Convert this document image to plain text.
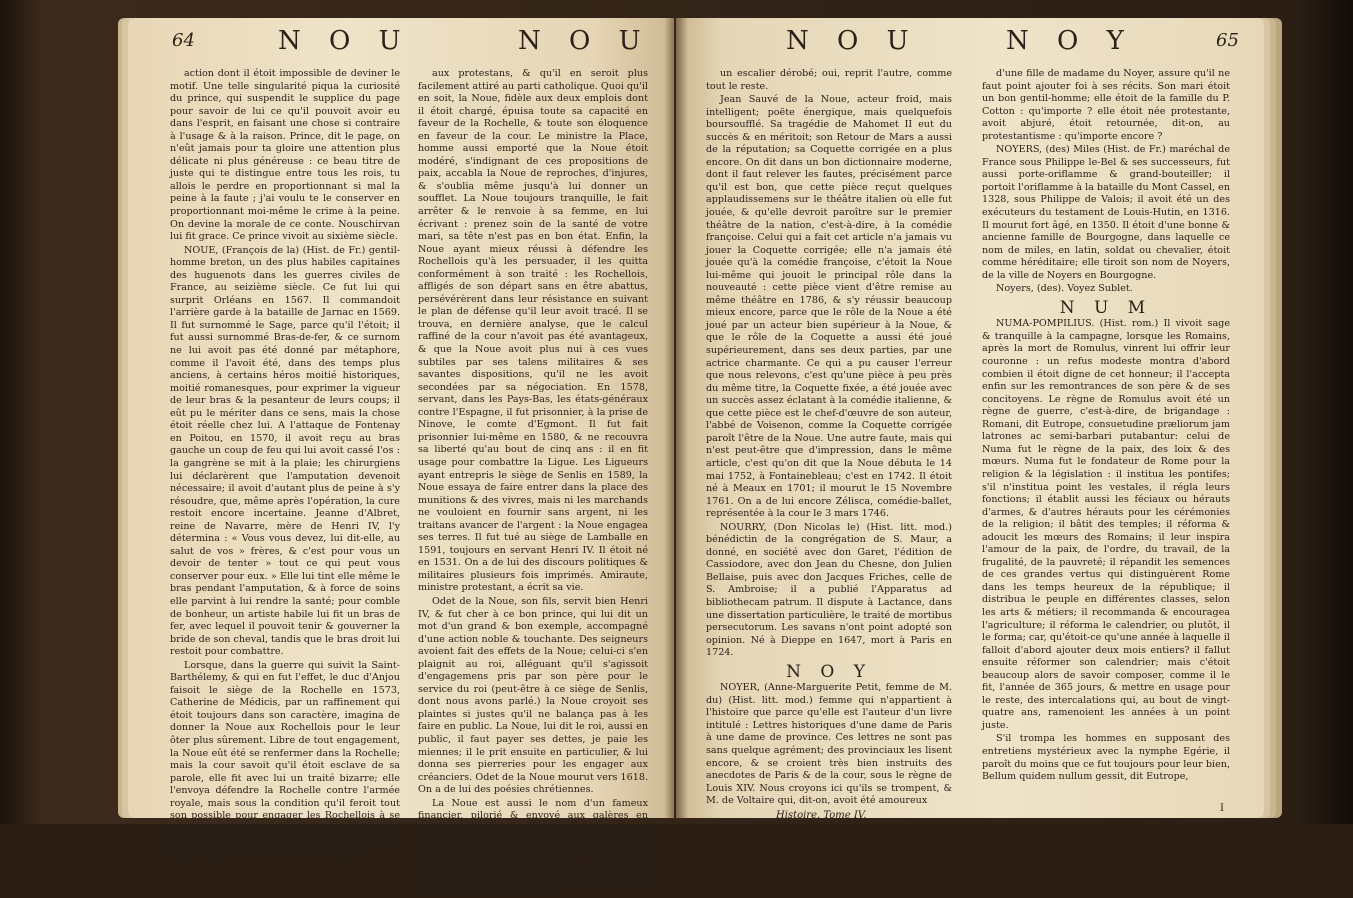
64	N O U	N O U

action dont il étoit impossible de deviner le motif. Une telle singularité piqua la curiosité du prince, qui suspendit le supplice du page pour savoir de lui ce qu'il pouvoit avoir eu dans l'esprit, en faisant une chose si contraire à l'usage & à la raison. Prince, dit le page, on n'eût jamais pour ta gloire une attention plus délicate ni plus généreuse : ce beau titre de juste qui te distingue entre tous les rois, tu allois le perdre en proportionnant si mal la peine à la faute ; j'ai voulu te le conserver en proportionnant moi-même le crime à la peine. On devine la morale de ce conte. Nouschirvan lui fit grace. Ce prince vivoit au sixième siècle.

NOUE, (François de la) (Hist. de Fr.) gentil-homme breton, un des plus habiles capitaines des huguenots dans les guerres civiles de France, au seizième siècle. Ce fut lui qui surprit Orléans en 1567. Il commandoit l'arrière garde à la bataille de Jarnac en 1569. Il fut surnommé le Sage, parce qu'il l'étoit; il fut aussi surnommé Bras-de-fer, & ce surnom ne lui avoit pas été donné par métaphore, comme il l'avoit été, dans des temps plus anciens, à certains héros moitié historiques, moitié romanesques, pour exprimer la vigueur de leur bras & la pesanteur de leurs coups; il eût pu le mériter dans ce sens, mais la chose étoit réelle chez lui. A l'attaque de Fontenay en Poitou, en 1570, il avoit reçu au bras gauche un coup de feu qui lui avoit cassé l'os : la gangrène se mit à la plaie; les chirurgiens lui déclarèrent que l'amputation devenoit nécessaire; il avoit d'autant plus de peine à s'y résoudre, que, même après l'opération, la cure restoit encore incertaine. Jeanne d'Albret, reine de Navarre, mère de Henri IV, l'y détermina : « Vous vous devez, lui dit-elle, au salut de vos » frères, & c'est pour vous un devoir de tenter » tout ce qui peut vous conserver pour eux. » Elle lui tint elle même le bras pendant l'amputation, & à force de soins elle parvint à lui rendre la santé; pour comble de bonheur, un artiste habile lui fit un bras de fer, avec lequel il pouvoit tenir & gouverner la bride de son cheval, tandis que le bras droit lui restoit pour combattre.

Lorsque, dans la guerre qui suivit la Saint-Barthélemy, & qui en fut l'effet, le duc d'Anjou faisoit le siège de la Rochelle en 1573, Catherine de Médicis, par un raffinement qui étoit toujours dans son caractère, imagina de donner la Noue aux Rochellois pour le leur ôter plus sûrement. Libre de tout engagement, la Noue eût été se renfermer dans la Rochelle; mais la cour savoit qu'il étoit esclave de sa parole, elle fit avec lui un traité bizarre; elle l'envoya défendre la Rochelle contre l'armée royale, mais sous la condition qu'il feroit tout son possible pour engager les Rochellois à se rendre, & qu'il les abandonneroit s'il ne pouvoit y réussir. La cour avoit sans doute espéré que la Noue deviendroit suspect

aux protestans, & qu'il en seroit plus facilement attiré au parti catholique. Quoi qu'il en soit, la Noue, fidèle aux deux emplois dont il étoit chargé, épuisa toute sa capacité en faveur de la Rochelle, & toute son éloquence en faveur de la cour. Le ministre la Place, homme aussi emporté que la Noue étoit modéré, s'indignant de ces propositions de paix, accabla la Noue de reproches, d'injures, & s'oublia même jusqu'à lui donner un soufflet. La Noue toujours tranquille, le fait arrêter & le renvoie à sa femme, en lui écrivant : prenez soin de la santé de votre mari, sa tête n'est pas en bon état. Enfin, la Noue ayant mieux réussi à défendre les Rochellois qu'à les persuader, il les quitta conformément à son traité : les Rochellois, affligés de son départ sans en être abattus, persévérèrent dans leur résistance en suivant le plan de défense qu'il leur avoit tracé. Il se trouva, en dernière analyse, que le calcul raffiné de la cour n'avoit pas été avantageux, & que la Noue avoit plus nui à ces vues subtiles par ses talens militaires & ses savantes dispositions, qu'il ne les avoit secondées par sa négociation. En 1578, servant, dans les Pays-Bas, les états-généraux contre l'Espagne, il fut prisonnier, à la prise de Ninove, le comte d'Egmont. Il fut fait prisonnier lui-même en 1580, & ne recouvra sa liberté qu'au bout de cinq ans : il en fit usage pour combattre la Ligue. Les Ligueurs ayant entrepris le siège de Senlis en 1589, la Noue essaya de faire entrer dans la place des munitions & des vivres, mais ni les marchands ne vouloient en fournir sans argent, ni les traitans avancer de l'argent : la Noue engagea ses terres. Il fut tué au siège de Lamballe en 1591, toujours en servant Henri IV. Il étoit né en 1531. On a de lui des discours politiques & militaires plusieurs fois imprimés. Amiraute, ministre protestant, a écrit sa vie.

Odet de la Noue, son fils, servit bien Henri IV, & fut cher à ce bon prince, qui lui dit un mot d'un grand & bon exemple, accompagné d'une action noble & touchante. Des seigneurs avoient fait des effets de la Noue; celui-ci s'en plaignit au roi, alléguant qu'il s'agissoit d'engagemens pris par son père pour le service du roi (peut-être à ce siège de Senlis, dont nous avons parlé.) la Noue croyoit ses plaintes si justes qu'il ne balança pas à les faire en public. La Noue, lui dit le roi, aussi en public, il faut payer ses dettes, je paie les miennes; il le prit ensuite en particulier, & lui donna ses pierreries pour les engager aux créanciers. Odet de la Noue mourut vers 1618. On a de lui des poésies chrétiennes.

La Noue est aussi le nom d'un fameux financier, pilorié & envoyé aux galères en 1705. Son fils avoit blessé les yeux du public; un palais qu'il avoit bâti étoit devenu dans Paris un grand objet de curiosité. Quelqu'un qui vouloit tout voir, appercevant une porte qu'on n'ouvroit pas, demanda ce que c'étoit, on lui répondit que c'étoit un

N O U	N O Y	65

un escalier dérobé; oui, reprit l'autre, comme tout le reste.

Jean Sauvé de la Noue, acteur froid, mais intelligent; poëte énergique, mais quelquefois boursoufflé. Sa tragédie de Mahomet II eut du succès & en méritoit; son Retour de Mars a aussi de la réputation; sa Coquette corrigée en a plus encore. On dit dans un bon dictionnaire moderne, dont il faut relever les fautes, précisément parce qu'il est bon, que cette pièce reçut quelques applaudissemens sur le théâtre italien où elle fut jouée, & qu'elle devroit paroître sur le premier théâtre de la nation, c'est-à-dire, à la comédie françoise. Celui qui a fait cet article n'a jamais vu jouer la Coquette corrigée; elle n'a jamais été jouée qu'à la comédie françoise, c'étoit la Noue lui-même qui jouoit le principal rôle dans la nouveauté : cette pièce vient d'être remise au même théâtre en 1786, & s'y réussir beaucoup mieux encore, parce que le rôle de la Noue a été joué par un acteur bien supérieur à la Noue, & que le rôle de la Coquette a aussi été joué supérieurement, dans ses deux parties, par une actrice charmante. Ce qui a pu causer l'erreur que nous relevons, c'est qu'une pièce à peu près du même titre, la Coquette fixée, a été jouée avec un succès assez éclatant à la comédie italienne, & que cette pièce est le chef-d'œuvre de son auteur, l'abbé de Voisenon, comme la Coquette corrigée paroît l'être de la Noue. Une autre faute, mais qui n'est peut-être que d'impression, dans le même article, c'est qu'on dit que la Noue débuta le 14 mai 1752, à Fontainebleau; c'est en 1742. Il étoit né à Meaux en 1701; il mourut le 15 Novembre 1761. On a de lui encore Zélisca, comédie-ballet, représentée à la cour le 3 mars 1746.

NOURRY, (Don Nicolas le) (Hist. litt. mod.) bénédictin de la congrégation de S. Maur, a donné, en société avec don Garet, l'édition de Cassiodore, avec don Jean du Chesne, don Julien Bellaise, puis avec don Jacques Friches, celle de S. Ambroise; il a publié l'Apparatus ad bibliothecam patrum. Il dispute à Lactance, dans une dissertation particulière, le traité de mortibus persecutorum. Les savans n'ont point adopté son opinion. Né à Dieppe en 1647, mort à Paris en 1724.

N O Y

NOYER, (Anne-Marguerite Petit, femme de M. du) (Hist. litt. mod.) femme qui n'appartient à l'histoire que parce qu'elle est l'auteur d'un livre intitulé : Lettres historiques d'une dame de Paris à une dame de province. Ces lettres ne sont pas sans quelque agrément; des provinciaux les lisent encore, & se croient très bien instruits des anecdotes de Paris & de la cour, sous le règne de Louis XIV. Nous croyons ici qu'ils se trompent, & M. de Voltaire qui, dit-on, avoit été amoureux

Histoire. Tome IV.

d'une fille de madame du Noyer, assure qu'il ne faut point ajouter foi à ses récits. Son mari étoit un bon gentil-homme; elle étoit de la famille du P. Cotton : qu'importe ? elle étoit née protestante, avoit abjuré, étoit retournée, dit-on, au protestantisme : qu'importe encore ?

NOYERS, (des) Miles (Hist. de Fr.) maréchal de France sous Philippe le-Bel & ses successeurs, fut aussi porte-oriflamme & grand-bouteiller; il portoit l'oriflamme à la bataille du Mont Cassel, en 1328, sous Philippe de Valois; il avoit été un des exécuteurs du testament de Louis-Hutin, en 1316. Il mourut fort âgé, en 1350. Il étoit d'une bonne & ancienne famille de Bourgogne, dans laquelle ce nom de miles, en latin, soldat ou chevalier, étoit comme héréditaire; elle tiroit son nom de Noyers, de la ville de Noyers en Bourgogne.

Noyers, (des). Voyez Sublet.

N U M

NUMA-POMPILIUS. (Hist. rom.) Il vivoit sage & tranquille à la campagne, lorsque les Romains, après la mort de Romulus, vinrent lui offrir leur couronne : un refus modeste montra d'abord combien il étoit digne de cet honneur; il l'accepta enfin sur les remontrances de son père & de ses concitoyens. Le règne de Romulus avoit été un règne de guerre, c'est-à-dire, de brigandage : Romani, dit Eutrope, consuetudine præliorum jam latrones ac semi-barbari putabantur: celui de Numa fut le règne de la paix, des loix & des mœurs. Numa fut le fondateur de Rome pour la religion & la législation : il institua les pontifes; s'il n'institua point les vestales, il régla leurs fonctions; il établit aussi les féciaux ou hérauts d'armes, & d'autres hérauts pour les cérémonies de la religion; il bâtit des temples; il réforma & adoucit les mœurs des Romains; il leur inspira l'amour de la paix, de l'ordre, du travail, de la frugalité, de la pauvreté; il répandit les semences de ces grandes vertus qui distinguèrent Rome dans les temps heureux de la république; il distribua le peuple en différentes classes, selon les arts & métiers; il recommanda & encouragea l'agriculture; il réforma le calendrier, ou plutôt, il le forma; car, qu'étoit-ce qu'une année à laquelle il falloit d'abord ajouter deux mois entiers? il fallut ensuite réformer son calendrier; mais c'étoit beaucoup alors de savoir composer, comme il le fit, l'année de 365 jours, & mettre en usage pour le reste, des intercalations qui, au bout de vingt-quatre ans, ramenoient les années à un point juste.

S'il trompa les hommes en supposant des entretiens mystérieux avec la nymphe Egérie, il paroît du moins que ce fut toujours pour leur bien, Bellum quidem nullum gessit, dit Eutrope,

I
